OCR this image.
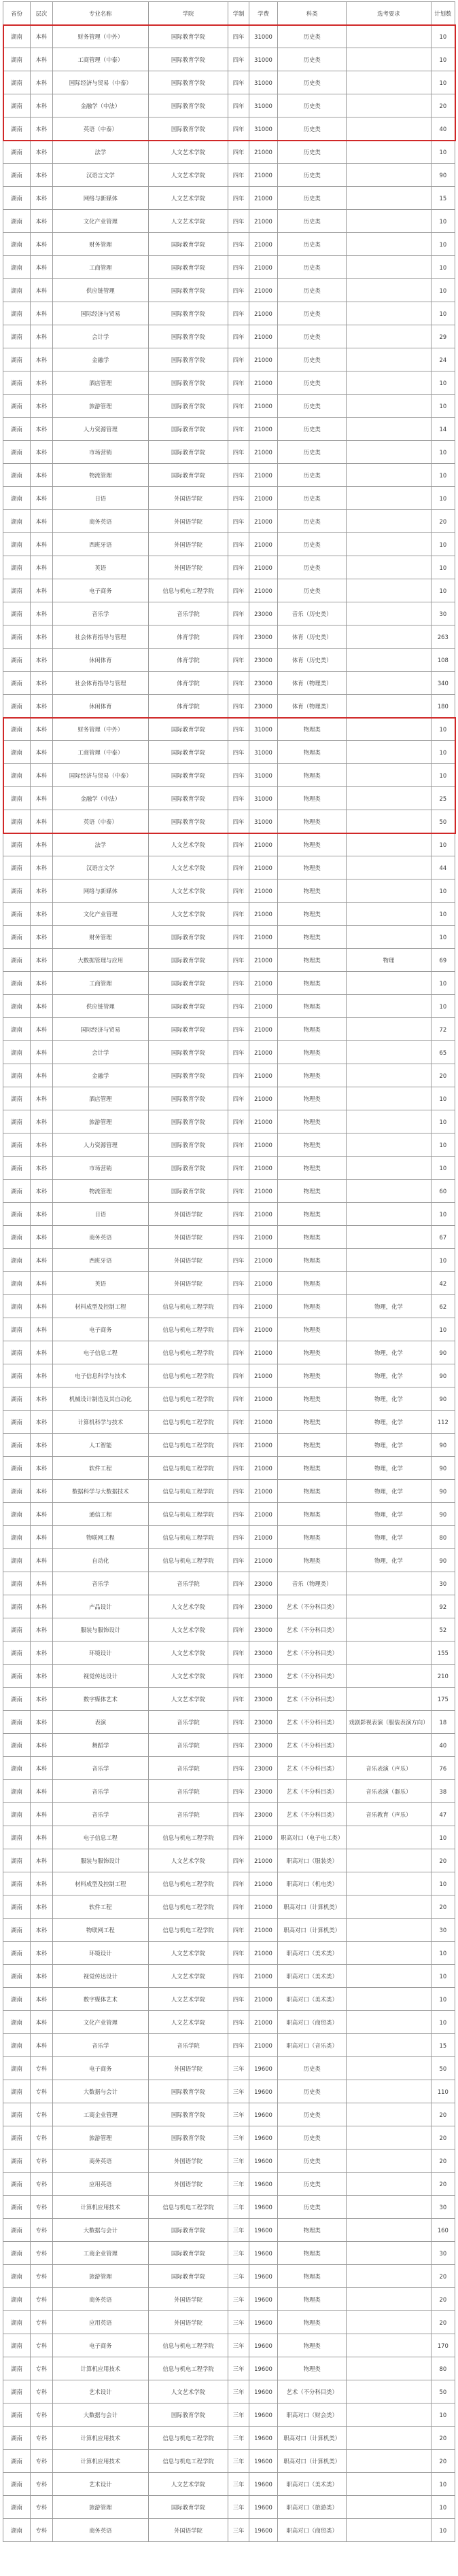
省份	层次	专业名称	学院	学制	学费	科类	选考要求	计划数
湖南	本科	财务管理（中外）	国际教育学院	四年	31000	历史类		10
湖南	本科	工商管理（中泰）	国际教育学院	四年	31000	历史类		10
湖南	本科	国际经济与贸易（中泰）	国际教育学院	四年	31000	历史类		10
湖南	本科	金融学（中法）	国际教育学院	四年	31000	历史类		20
湖南	本科	英语（中泰）	国际教育学院	四年	31000	历史类		40
湖南	本科	法学	人文艺术学院	四年	21000	历史类		10
湖南	本科	汉语言文学	人文艺术学院	四年	21000	历史类		90
湖南	本科	网络与新媒体	人文艺术学院	四年	21000	历史类		15
湖南	本科	文化产业管理	人文艺术学院	四年	21000	历史类		10
湖南	本科	财务管理	国际教育学院	四年	21000	历史类		10
湖南	本科	工商管理	国际教育学院	四年	21000	历史类		10
湖南	本科	供应链管理	国际教育学院	四年	21000	历史类		10
湖南	本科	国际经济与贸易	国际教育学院	四年	21000	历史类		10
湖南	本科	会计学	国际教育学院	四年	21000	历史类		29
湖南	本科	金融学	国际教育学院	四年	21000	历史类		24
湖南	本科	酒店管理	国际教育学院	四年	21000	历史类		10
湖南	本科	旅游管理	国际教育学院	四年	21000	历史类		10
湖南	本科	人力资源管理	国际教育学院	四年	21000	历史类		14
湖南	本科	市场营销	国际教育学院	四年	21000	历史类		10
湖南	本科	物流管理	国际教育学院	四年	21000	历史类		10
湖南	本科	日语	外国语学院	四年	21000	历史类		10
湖南	本科	商务英语	外国语学院	四年	21000	历史类		20
湖南	本科	西班牙语	外国语学院	四年	21000	历史类		10
湖南	本科	英语	外国语学院	四年	21000	历史类		10
湖南	本科	电子商务	信息与机电工程学院	四年	21000	历史类		10
湖南	本科	音乐学	音乐学院	四年	23000	音乐（历史类）		30
湖南	本科	社会体育指导与管理	体育学院	四年	23000	体育（历史类）		263
湖南	本科	休闲体育	体育学院	四年	23000	体育（历史类）		108
湖南	本科	社会体育指导与管理	体育学院	四年	23000	体育（物理类）		340
湖南	本科	休闲体育	体育学院	四年	23000	体育（物理类）		180
湖南	本科	财务管理（中外）	国际教育学院	四年	31000	物理类		10
湖南	本科	工商管理（中泰）	国际教育学院	四年	31000	物理类		10
湖南	本科	国际经济与贸易（中泰）	国际教育学院	四年	31000	物理类		10
湖南	本科	金融学（中法）	国际教育学院	四年	31000	物理类		25
湖南	本科	英语（中泰）	国际教育学院	四年	31000	物理类		50
湖南	本科	法学	人文艺术学院	四年	21000	物理类		10
湖南	本科	汉语言文学	人文艺术学院	四年	21000	物理类		44
湖南	本科	网络与新媒体	人文艺术学院	四年	21000	物理类		10
湖南	本科	文化产业管理	人文艺术学院	四年	21000	物理类		10
湖南	本科	财务管理	国际教育学院	四年	21000	物理类		10
湖南	本科	大数据管理与应用	国际教育学院	四年	21000	物理类	物理	69
湖南	本科	工商管理	国际教育学院	四年	21000	物理类		10
湖南	本科	供应链管理	国际教育学院	四年	21000	物理类		10
湖南	本科	国际经济与贸易	国际教育学院	四年	21000	物理类		72
湖南	本科	会计学	国际教育学院	四年	21000	物理类		65
湖南	本科	金融学	国际教育学院	四年	21000	物理类		20
湖南	本科	酒店管理	国际教育学院	四年	21000	物理类		10
湖南	本科	旅游管理	国际教育学院	四年	21000	物理类		10
湖南	本科	人力资源管理	国际教育学院	四年	21000	物理类		10
湖南	本科	市场营销	国际教育学院	四年	21000	物理类		10
湖南	本科	物流管理	国际教育学院	四年	21000	物理类		60
湖南	本科	日语	外国语学院	四年	21000	物理类		10
湖南	本科	商务英语	外国语学院	四年	21000	物理类		67
湖南	本科	西班牙语	外国语学院	四年	21000	物理类		10
湖南	本科	英语	外国语学院	四年	21000	物理类		42
湖南	本科	材料成型及控制工程	信息与机电工程学院	四年	21000	物理类	物理，化学	62
湖南	本科	电子商务	信息与机电工程学院	四年	21000	物理类		10
湖南	本科	电子信息工程	信息与机电工程学院	四年	21000	物理类	物理，化学	90
湖南	本科	电子信息科学与技术	信息与机电工程学院	四年	21000	物理类	物理，化学	90
湖南	本科	机械设计制造及其自动化	信息与机电工程学院	四年	21000	物理类	物理，化学	90
湖南	本科	计算机科学与技术	信息与机电工程学院	四年	21000	物理类	物理，化学	112
湖南	本科	人工智能	信息与机电工程学院	四年	21000	物理类	物理，化学	90
湖南	本科	软件工程	信息与机电工程学院	四年	21000	物理类	物理，化学	90
湖南	本科	数据科学与大数据技术	信息与机电工程学院	四年	21000	物理类	物理，化学	90
湖南	本科	通信工程	信息与机电工程学院	四年	21000	物理类	物理，化学	90
湖南	本科	物联网工程	信息与机电工程学院	四年	21000	物理类	物理，化学	80
湖南	本科	自动化	信息与机电工程学院	四年	21000	物理类	物理，化学	90
湖南	本科	音乐学	音乐学院	四年	23000	音乐（物理类）		30
湖南	本科	产品设计	人文艺术学院	四年	23000	艺术（不分科目类）		92
湖南	本科	服装与服饰设计	人文艺术学院	四年	23000	艺术（不分科目类）		52
湖南	本科	环境设计	人文艺术学院	四年	23000	艺术（不分科目类）		155
湖南	本科	视觉传达设计	人文艺术学院	四年	23000	艺术（不分科目类）		210
湖南	本科	数字媒体艺术	人文艺术学院	四年	23000	艺术（不分科目类）		175
湖南	本科	表演	音乐学院	四年	23000	艺术（不分科目类）	戏剧影视表演（服装表演方向）	18
湖南	本科	舞蹈学	音乐学院	四年	23000	艺术（不分科目类）		40
湖南	本科	音乐学	音乐学院	四年	23000	艺术（不分科目类）	音乐表演（声乐）	76
湖南	本科	音乐学	音乐学院	四年	23000	艺术（不分科目类）	音乐表演（器乐）	38
湖南	本科	音乐学	音乐学院	四年	23000	艺术（不分科目类）	音乐教育（声乐）	47
湖南	本科	电子信息工程	信息与机电工程学院	四年	21000	职高对口（电子电工类）		10
湖南	本科	服装与服饰设计	人文艺术学院	四年	21000	职高对口（服装类）		20
湖南	本科	材料成型及控制工程	信息与机电工程学院	四年	21000	职高对口（机电类）		10
湖南	本科	软件工程	信息与机电工程学院	四年	21000	职高对口（计算机类）		20
湖南	本科	物联网工程	信息与机电工程学院	四年	21000	职高对口（计算机类）		30
湖南	本科	环境设计	人文艺术学院	四年	21000	职高对口（美术类）		10
湖南	本科	视觉传达设计	人文艺术学院	四年	21000	职高对口（美术类）		10
湖南	本科	数字媒体艺术	人文艺术学院	四年	21000	职高对口（美术类）		10
湖南	本科	文化产业管理	人文艺术学院	四年	21000	职高对口（商贸类）		10
湖南	本科	音乐学	音乐学院	四年	21000	职高对口（音乐类）		15
湖南	专科	电子商务	外国语学院	三年	19600	历史类		50
湖南	专科	大数据与会计	国际教育学院	三年	19600	历史类		110
湖南	专科	工商企业管理	国际教育学院	三年	19600	历史类		20
湖南	专科	旅游管理	国际教育学院	三年	19600	历史类		20
湖南	专科	商务英语	外国语学院	三年	19600	历史类		20
湖南	专科	应用英语	外国语学院	三年	19600	历史类		20
湖南	专科	计算机应用技术	信息与机电工程学院	三年	19600	历史类		30
湖南	专科	大数据与会计	国际教育学院	三年	19600	物理类		160
湖南	专科	工商企业管理	国际教育学院	三年	19600	物理类		30
湖南	专科	旅游管理	国际教育学院	三年	19600	物理类		20
湖南	专科	商务英语	外国语学院	三年	19600	物理类		20
湖南	专科	应用英语	外国语学院	三年	19600	物理类		20
湖南	专科	电子商务	信息与机电工程学院	三年	19600	物理类		170
湖南	专科	计算机应用技术	信息与机电工程学院	三年	19600	物理类		80
湖南	专科	艺术设计	人文艺术学院	三年	19600	艺术（不分科目类）		50
湖南	专科	大数据与会计	国际教育学院	三年	19600	职高对口（财会类）		10
湖南	专科	计算机应用技术	信息与机电工程学院	三年	19600	职高对口（计算机类）		20
湖南	专科	计算机应用技术	信息与机电工程学院	三年	19600	职高对口（计算机类）		20
湖南	专科	艺术设计	人文艺术学院	三年	19600	职高对口（美术类）		10
湖南	专科	旅游管理	国际教育学院	三年	19600	职高对口（旅游类）		10
湖南	专科	商务英语	外国语学院	三年	19600	职高对口（商贸类）		10
